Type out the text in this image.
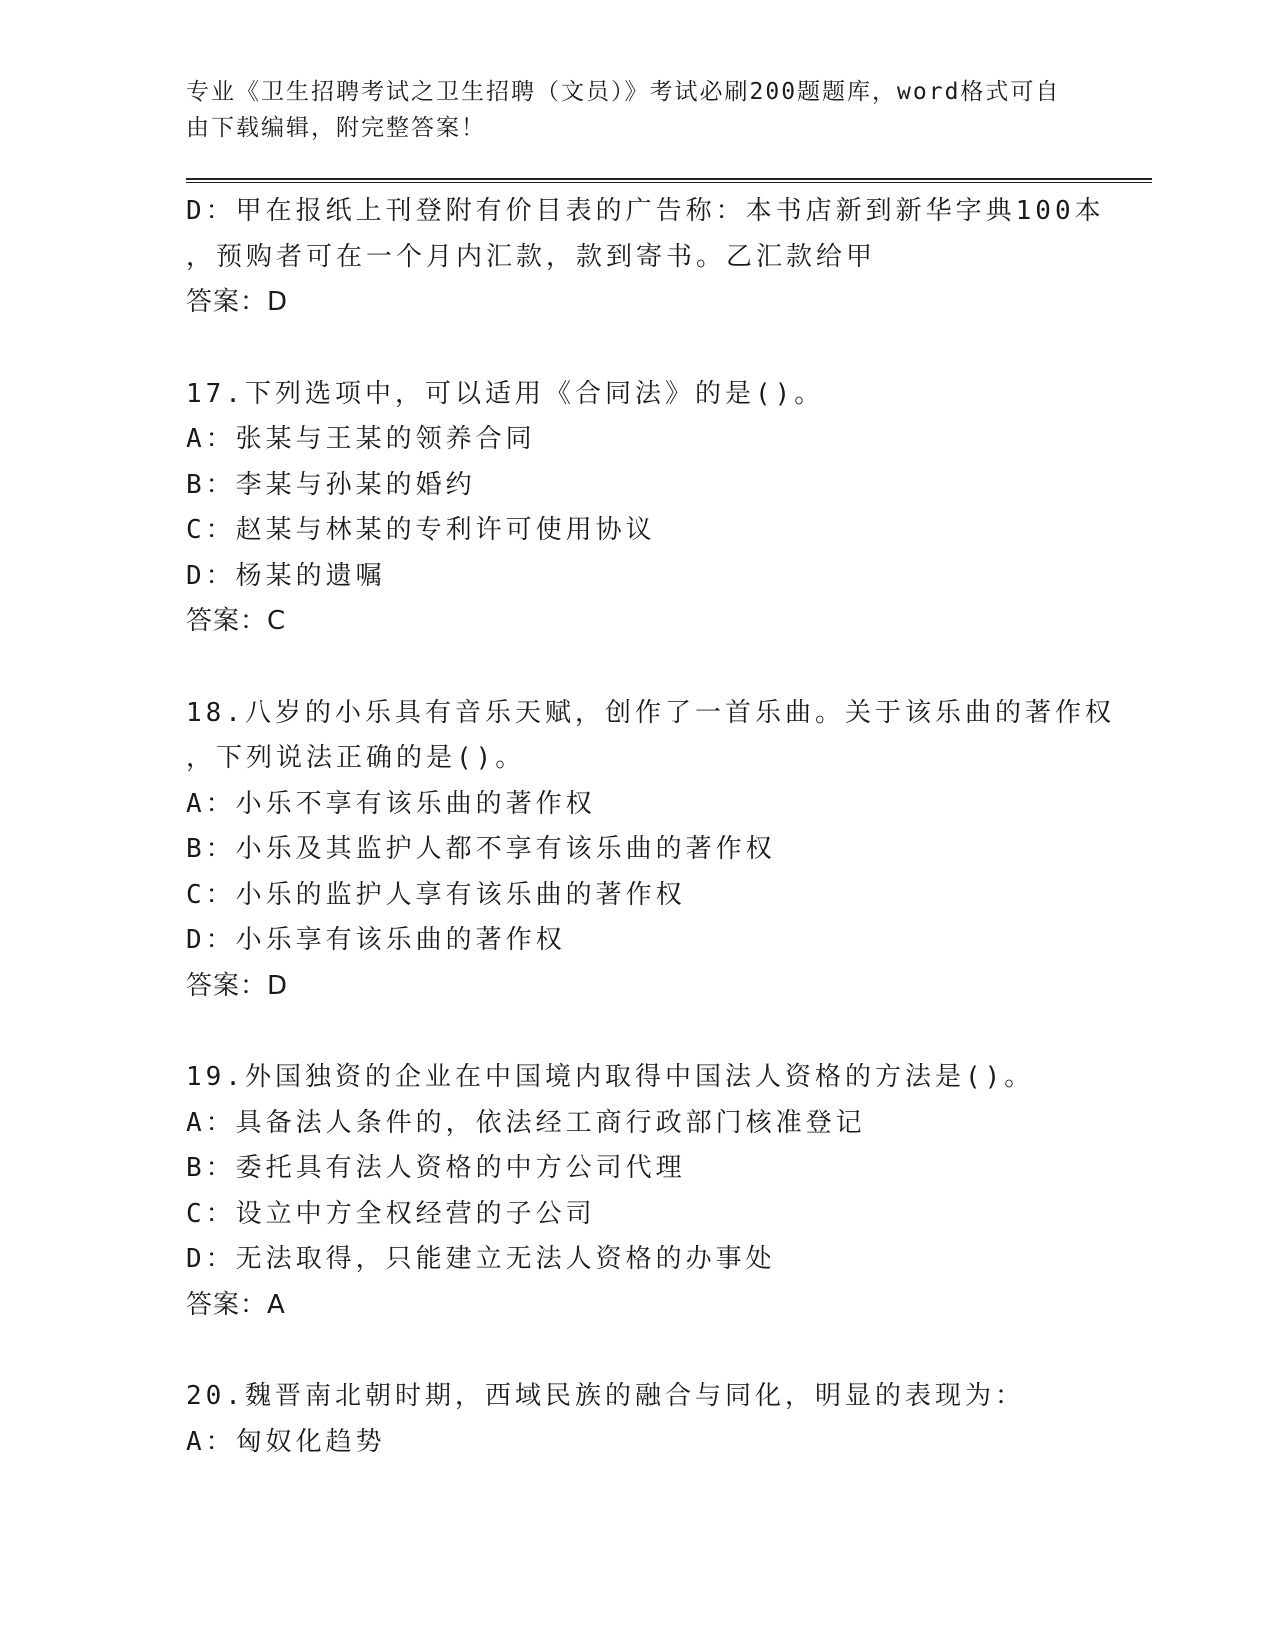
专业《卫生招聘考试之卫生招聘（文员）》考试必刷200题题库，word格式可自
由下载编辑，附完整答案！
D：甲在报纸上刊登附有价目表的广告称：本书店新到新华字典100本
，预购者可在一个月内汇款，款到寄书。乙汇款给甲
答案：D
17.下列选项中，可以适用《合同法》的是()。
A：张某与王某的领养合同
B：李某与孙某的婚约
C：赵某与林某的专利许可使用协议
D：杨某的遗嘱
答案：C
18.八岁的小乐具有音乐天赋，创作了一首乐曲。关于该乐曲的著作权
，下列说法正确的是()。
A：小乐不享有该乐曲的著作权
B：小乐及其监护人都不享有该乐曲的著作权
C：小乐的监护人享有该乐曲的著作权
D：小乐享有该乐曲的著作权
答案：D
19.外国独资的企业在中国境内取得中国法人资格的方法是()。
A：具备法人条件的，依法经工商行政部门核准登记
B：委托具有法人资格的中方公司代理
C：设立中方全权经营的子公司
D：无法取得，只能建立无法人资格的办事处
答案：A
20.魏晋南北朝时期，西域民族的融合与同化，明显的表现为：
A：匈奴化趋势
